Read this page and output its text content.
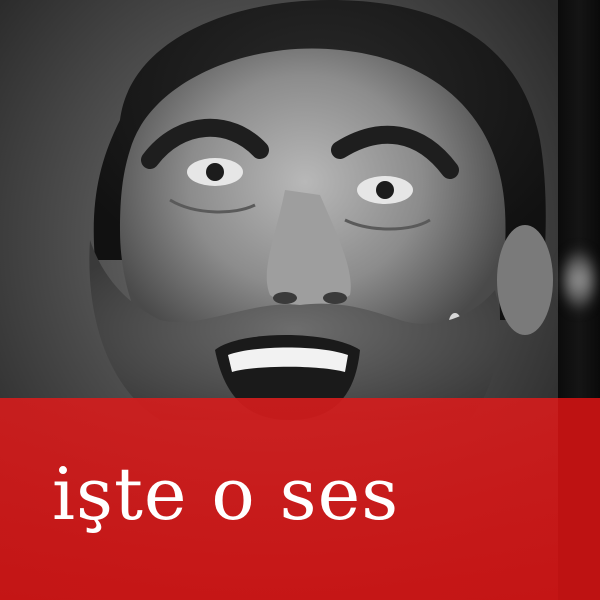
işte o ses
